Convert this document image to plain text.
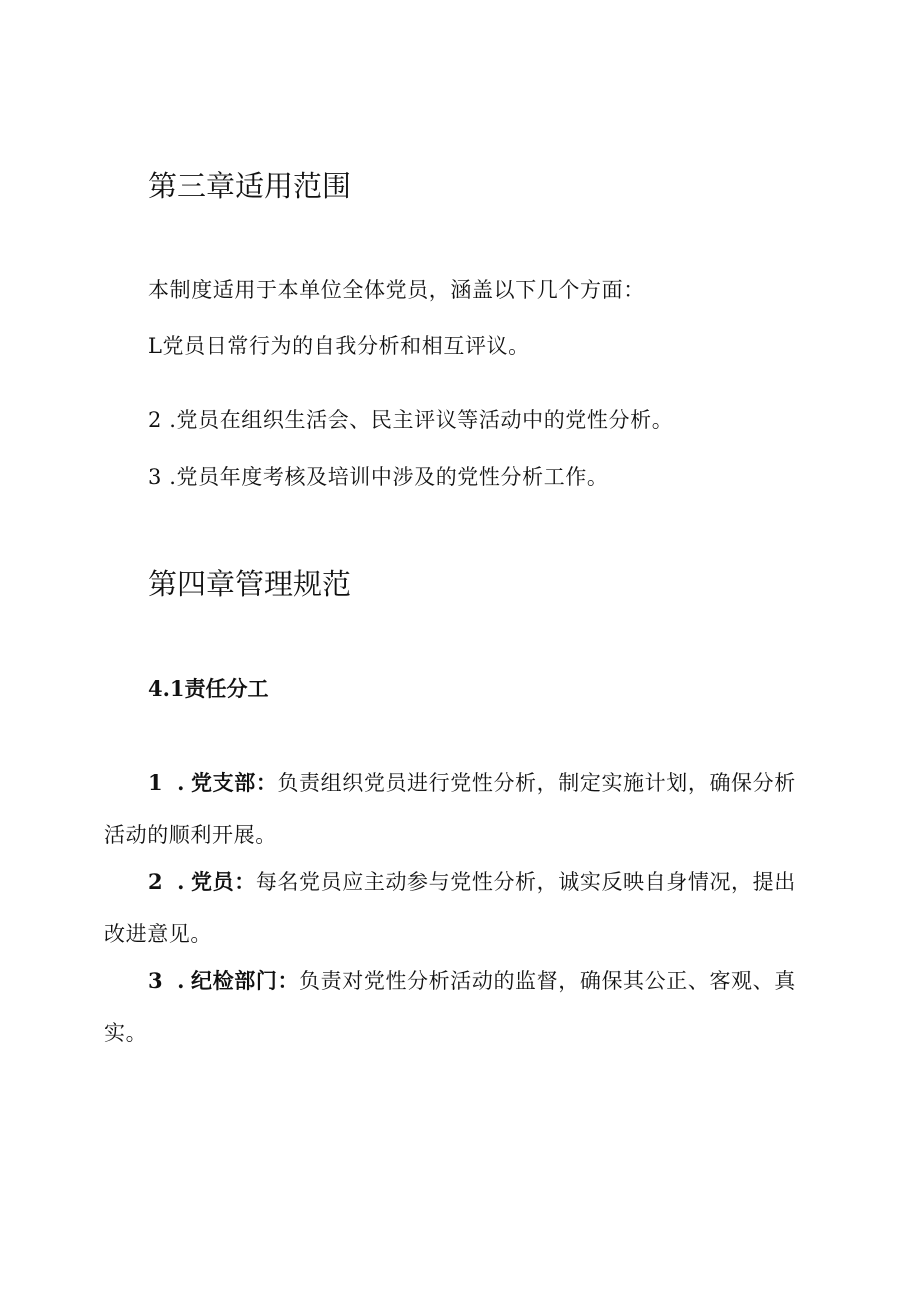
第三章适用范围
本制度适用于本单位全体党员，涵盖以下几个方面：
L党员日常行为的自我分析和相互评议。
2 .党员在组织生活会、民主评议等活动中的党性分析。
3 .党员年度考核及培训中涉及的党性分析工作。
第四章管理规范
4.1责任分工

1 . 党支部：负责组织党员进行党性分析，制定实施计划，确保分析活动的顺利开展。

2 . 党员：每名党员应主动参与党性分析，诚实反映自身情况，提出改进意见。

3 . 纪检部门：负责对党性分析活动的监督，确保其公正、客观、真实。
